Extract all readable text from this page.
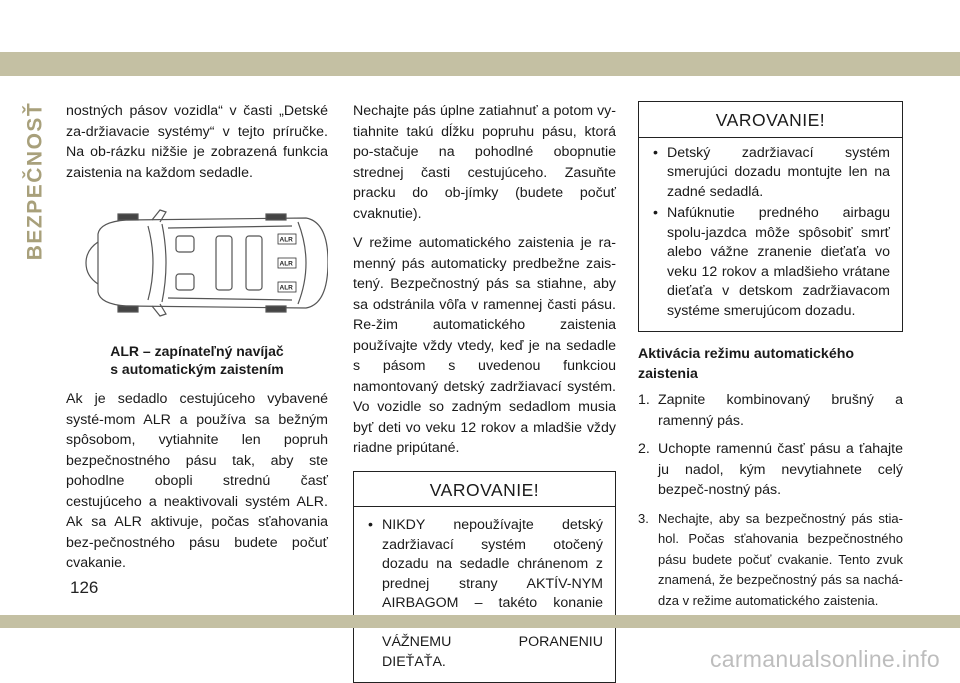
BEZPEČNOSŤ nostných pásov vozidla“ v časti „Detské za-držiavacie systémy“ v tejto príručke. Na ob-rázku nižšie je zobrazená funkcia zaistenia na každom sedadle.

ALR
ALR
ALR
ALR – zapínateľný navíjač
s automatickým zaistením

Ak je sedadlo cestujúceho vybavené systé-mom ALR a používa sa bežným spôsobom, vytiahnite len popruh bezpečnostného pásu tak, aby ste pohodlne obopli strednú časť cestujúceho a neaktivovali systém ALR. Ak sa ALR aktivuje, počas sťahovania bez-pečnostného pásu budete počuť cvakanie.

Nechajte pás úplne zatiahnuť a potom vy-tiahnite takú dĺžku popruhu pásu, ktorá po-stačuje na pohodlné obopnutie strednej časti cestujúceho. Zasuňte pracku do ob-jímky (budete počuť cvaknutie).

V režime automatického zaistenia je ra-menný pás automaticky predbežne zais-tený. Bezpečnostný pás sa stiahne, aby sa odstránila vôľa v ramennej časti pásu. Re-žim automatického zaistenia používajte vždy vtedy, keď je na sedadle s pásom s uvedenou funkciou namontovaný detský zadržiavací systém. Vo vozidle so zadným sedadlom musia byť deti vo veku 12 rokov a mladšie vždy riadne pripútané.

VAROVANIE!
• NIKDY nepoužívajte detský zadržiavací systém otočený dozadu na sedadle chránenom z prednej strany AKTÍV-NYM AIRBAGOM – takéto konanie VÁŽNEMU PORANENIU DIEŤAŤA.
VAROVANIE!
• Detský zadržiavací systém smerujúci dozadu montujte len na zadné sedadlá.
• Nafúknutie predného airbagu spolu-jazdca môže spôsobiť smrť alebo vážne zranenie dieťaťa vo veku 12 rokov a mladšieho vrátane dieťaťa v detskom zadržiavacom systéme smerujúcom dozadu.
Aktivácia režimu automatického zaistenia
1. Zapnite kombinovaný brušný a ramenný pás.
2. Uchopte ramennú časť pásu a ťahajte ju nadol, kým nevytiahnete celý bezpeč-nostný pás.
3. Nechajte, aby sa bezpečnostný pás stia-hol. Počas sťahovania bezpečnostného pásu budete počuť cvakanie. Tento zvuk znamená, že bezpečnostný pás sa nachá-dza v režime automatického zaistenia.
126
carmanualsonline.info
